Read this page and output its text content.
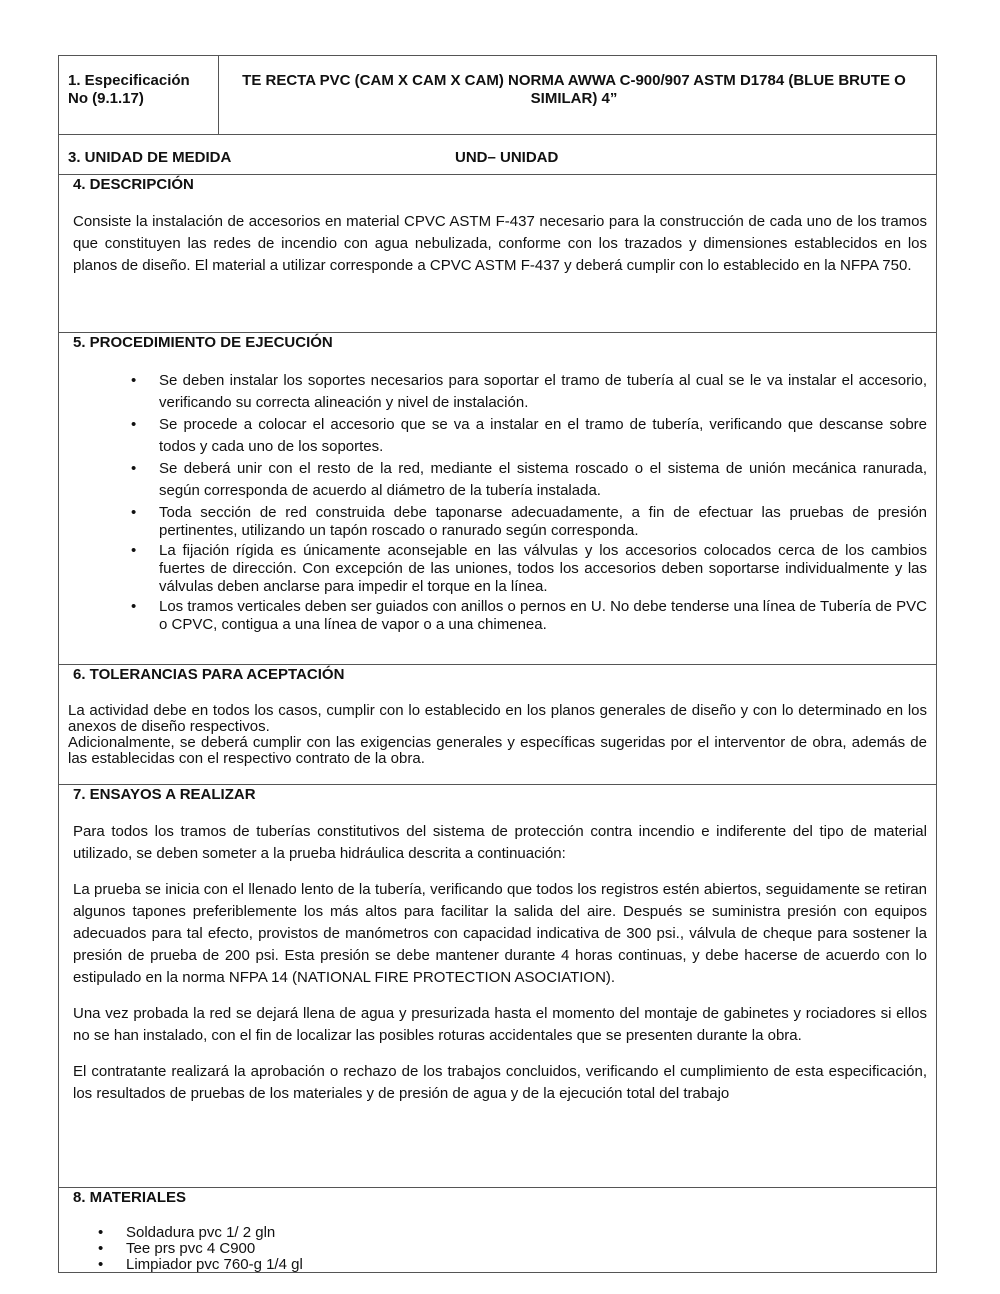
1. Especificación
No (9.1.17)
TE RECTA PVC (CAM X CAM X CAM) NORMA AWWA C-900/907 ASTM D1784 (BLUE BRUTE O SIMILAR) 4”
3. UNIDAD DE MEDIDA	UND– UNIDAD
4. DESCRIPCIÓN
Consiste la instalación de accesorios en material CPVC ASTM F-437 necesario para la construcción de cada uno de los tramos que constituyen las redes de incendio con agua nebulizada, conforme con los trazados y dimensiones establecidos en los planos de diseño. El material a utilizar corresponde a CPVC ASTM F-437 y deberá cumplir con lo establecido en la NFPA 750.
5. PROCEDIMIENTO DE EJECUCIÓN
• Se deben instalar los soportes necesarios para soportar el tramo de tubería al cual se le va instalar el accesorio, verificando su correcta alineación y nivel de instalación.
• Se procede a colocar el accesorio que se va a instalar en el tramo de tubería, verificando que descanse sobre todos y cada uno de los soportes.
• Se deberá unir con el resto de la red, mediante el sistema roscado o el sistema de unión mecánica ranurada, según corresponda de acuerdo al diámetro de la tubería instalada.
• Toda sección de red construida debe taponarse adecuadamente, a fin de efectuar las pruebas de presión pertinentes, utilizando un tapón roscado o ranurado según corresponda.
• La fijación rígida es únicamente aconsejable en las válvulas y los accesorios colocados cerca de los cambios fuertes de dirección. Con excepción de las uniones, todos los accesorios deben soportarse individualmente y las válvulas deben anclarse para impedir el torque en la línea.
• Los tramos verticales deben ser guiados con anillos o pernos en U. No debe tenderse una línea de Tubería de PVC o CPVC, contigua a una línea de vapor o a una chimenea.
6. TOLERANCIAS PARA ACEPTACIÓN
La actividad debe en todos los casos, cumplir con lo establecido en los planos generales de diseño y con lo determinado en los anexos de diseño respectivos.
Adicionalmente, se deberá cumplir con las exigencias generales y específicas sugeridas por el interventor de obra, además de las establecidas con el respectivo contrato de la obra.
7. ENSAYOS A REALIZAR
Para todos los tramos de tuberías constitutivos del sistema de protección contra incendio e indiferente del tipo de material utilizado, se deben someter a la prueba hidráulica descrita a continuación:
La prueba se inicia con el llenado lento de la tubería, verificando que todos los registros estén abiertos, seguidamente se retiran algunos tapones preferiblemente los más altos para facilitar la salida del aire. Después se suministra presión con equipos adecuados para tal efecto, provistos de manómetros con capacidad indicativa de 300 psi., válvula de cheque para sostener la presión de prueba de 200 psi. Esta presión se debe mantener durante 4 horas continuas, y debe hacerse de acuerdo con lo estipulado en la norma NFPA 14 (NATIONAL FIRE PROTECTION ASOCIATION).
Una vez probada la red se dejará llena de agua y presurizada hasta el momento del montaje de gabinetes y rociadores si ellos no se han instalado, con el fin de localizar las posibles roturas accidentales que se presenten durante la obra.
El contratante realizará la aprobación o rechazo de los trabajos concluidos, verificando el cumplimiento de esta especificación, los resultados de pruebas de los materiales y de presión de agua y de la ejecución total del trabajo
8. MATERIALES
• Soldadura pvc 1/ 2 gln
• Tee prs pvc 4 C900
• Limpiador pvc 760-g 1/4 gl
